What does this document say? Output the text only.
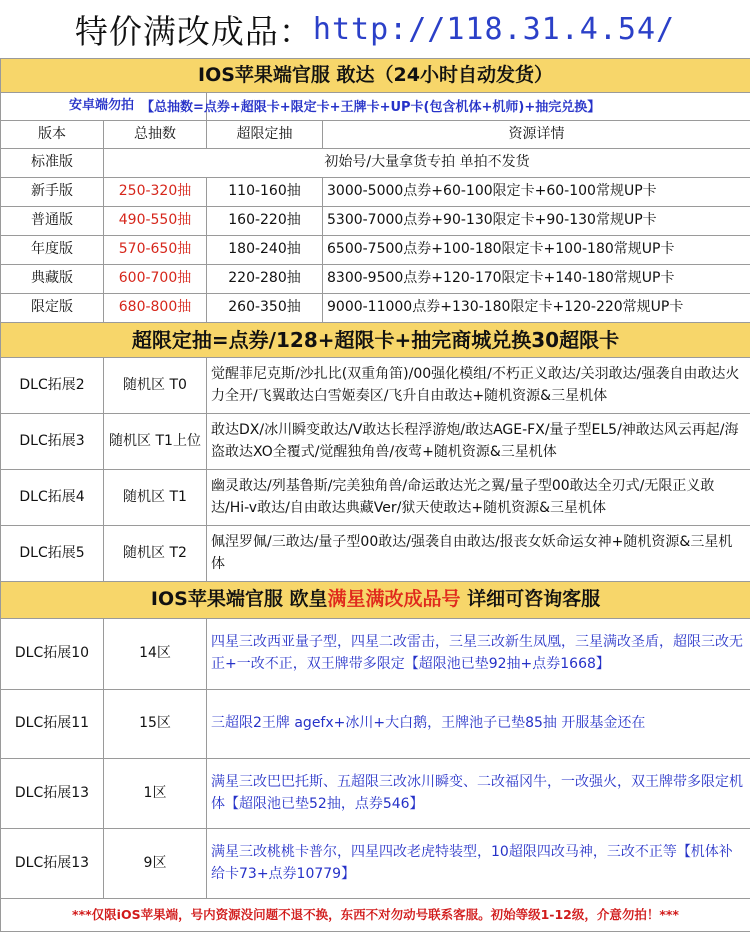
特价满改成品： http://118.31.4.54/
IOS苹果端官服 敢达（24小时自动发货）			
安卓端勿拍		【总抽数=点券+超限卡+限定卡+王牌卡+UP卡(包含机体+机师)+抽完兑换】	

版本	总抽数	超限定抽	资源详情
标准版	初始号/大量拿货专拍 单拍不发货		
新手版	250-320抽	110-160抽	3000-5000点券+60-100限定卡+60-100常规UP卡
普通版	490-550抽	160-220抽	5300-7000点券+90-130限定卡+90-130常规UP卡
年度版	570-650抽	180-240抽	6500-7500点券+100-180限定卡+100-180常规UP卡
典藏版	600-700抽	220-280抽	8300-9500点券+120-170限定卡+140-180常规UP卡
限定版	680-800抽	260-350抽	9000-11000点券+130-180限定卡+120-220常规UP卡
超限定抽=点券/128+超限卡+抽完商城兑换30超限卡			
DLC拓展2	随机区 T0	觉醒菲尼克斯/沙扎比(双重角笛)/00强化模组/不朽正义敢达/关羽敢达/强袭自由敢达火力全开/飞翼敢达白雪姬奏区/飞升自由敢达+随机资源&三星机体	
DLC拓展3	随机区 T1上位	敢达DX/冰川瞬变敢达/V敢达长程浮游炮/敢达AGE-FX/量子型EL5/神敢达风云再起/海盗敢达XO全覆式/觉醒独角兽/夜莺+随机资源&三星机体	
DLC拓展4	随机区 T1	幽灵敢达/列基鲁斯/完美独角兽/命运敢达光之翼/量子型00敢达全刃式/无限正义敢达/Hi-v敢达/自由敢达典藏Ver/狱天使敢达+随机资源&三星机体	
DLC拓展5	随机区 T2	佩涅罗佩/三敢达/量子型00敢达/强袭自由敢达/报丧女妖命运女神+随机资源&三星机体	
IOS苹果端官服 欧皇满星满改成品号 详细可咨询客服			
DLC拓展10	14区	四星三改西亚量子型，四星二改雷击，三星三改新生凤凰，三星满改圣盾，超限三改无正+一改不正，双王牌带多限定【超限池已垫92抽+点券1668】	
DLC拓展11	15区	三超限2王牌 agefx+冰川+大白鹅，王牌池子已垫85抽 开服基金还在	
DLC拓展13	1区	满星三改巴巴托斯、五超限三改冰川瞬变、二改福冈牛，一改强火，双王牌带多限定机体【超限池已垫52抽，点券546】	
DLC拓展13	9区	满星三改桃桃卡普尔，四星四改老虎特装型，10超限四改马神，三改不正等【机体补给卡73+点券10779】	
***仅限iOS苹果端，号内资源没问题不退不换，东西不对勿动号联系客服。初始等级1-12级，介意勿拍！***			
